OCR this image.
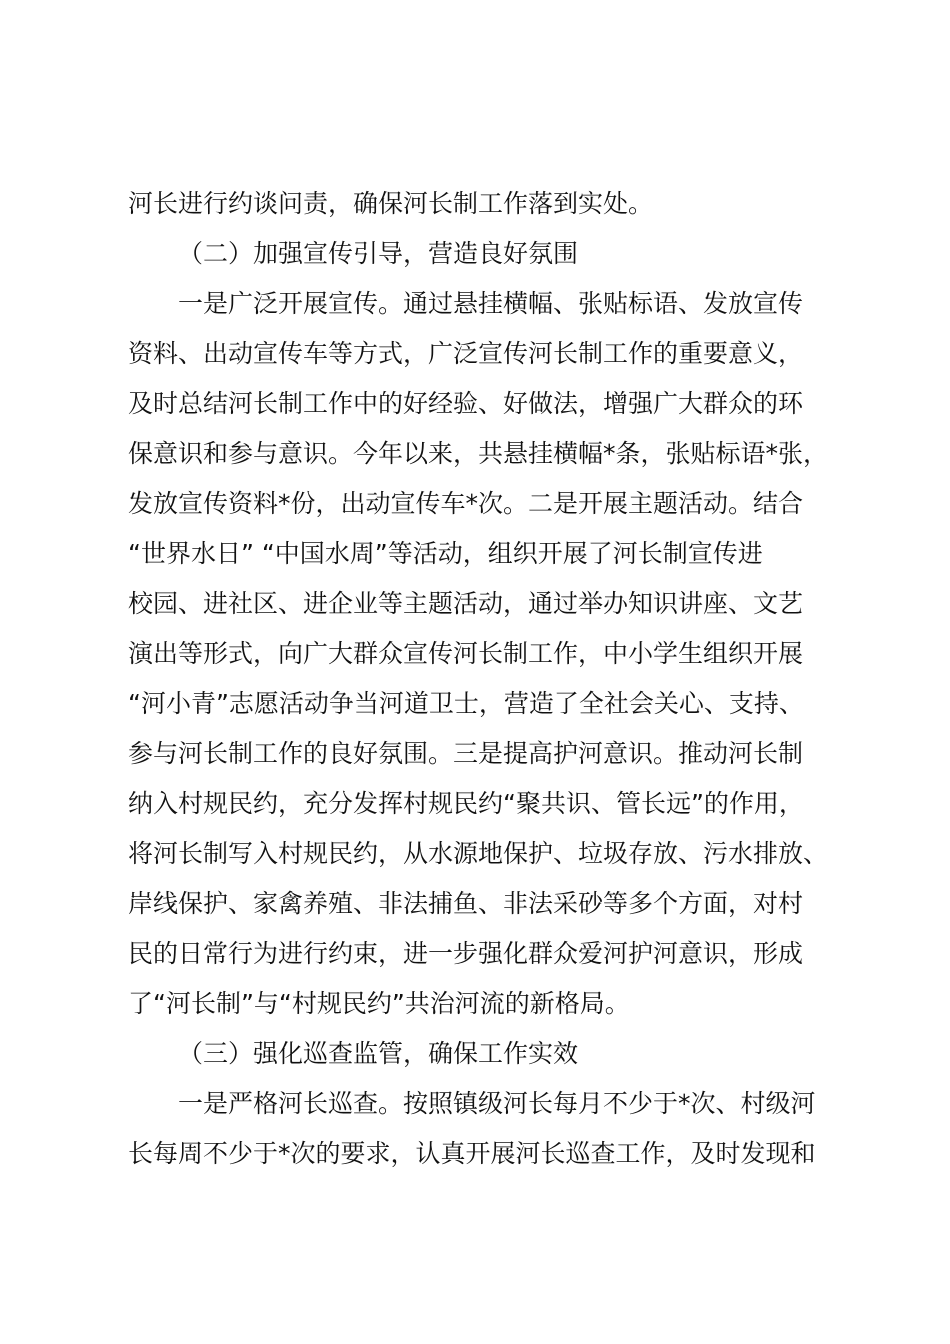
河长进行约谈问责，确保河长制工作落到实处。

（二）加强宣传引导，营造良好氛围

一是广泛开展宣传。通过悬挂横幅、张贴标语、发放宣传

资料、出动宣传车等方式，广泛宣传河长制工作的重要意义，

及时总结河长制工作中的好经验、好做法，增强广大群众的环

保意识和参与意识。今年以来，共悬挂横幅*条，张贴标语*张，

发放宣传资料*份，出动宣传车*次。二是开展主题活动。结合

“世界水日” “中国水周”等活动，组织开展了河长制宣传进

校园、进社区、进企业等主题活动，通过举办知识讲座、文艺

演出等形式，向广大群众宣传河长制工作，中小学生组织开展

“河小青”志愿活动争当河道卫士，营造了全社会关心、支持、

参与河长制工作的良好氛围。三是提高护河意识。推动河长制

纳入村规民约，充分发挥村规民约“聚共识、管长远”的作用，

将河长制写入村规民约，从水源地保护、垃圾存放、污水排放、

岸线保护、家禽养殖、非法捕鱼、非法采砂等多个方面，对村

民的日常行为进行约束，进一步强化群众爱河护河意识，形成

了“河长制”与“村规民约”共治河流的新格局。

（三）强化巡查监管，确保工作实效

一是严格河长巡查。按照镇级河长每月不少于*次、村级河

长每周不少于*次的要求，认真开展河长巡查工作，及时发现和
